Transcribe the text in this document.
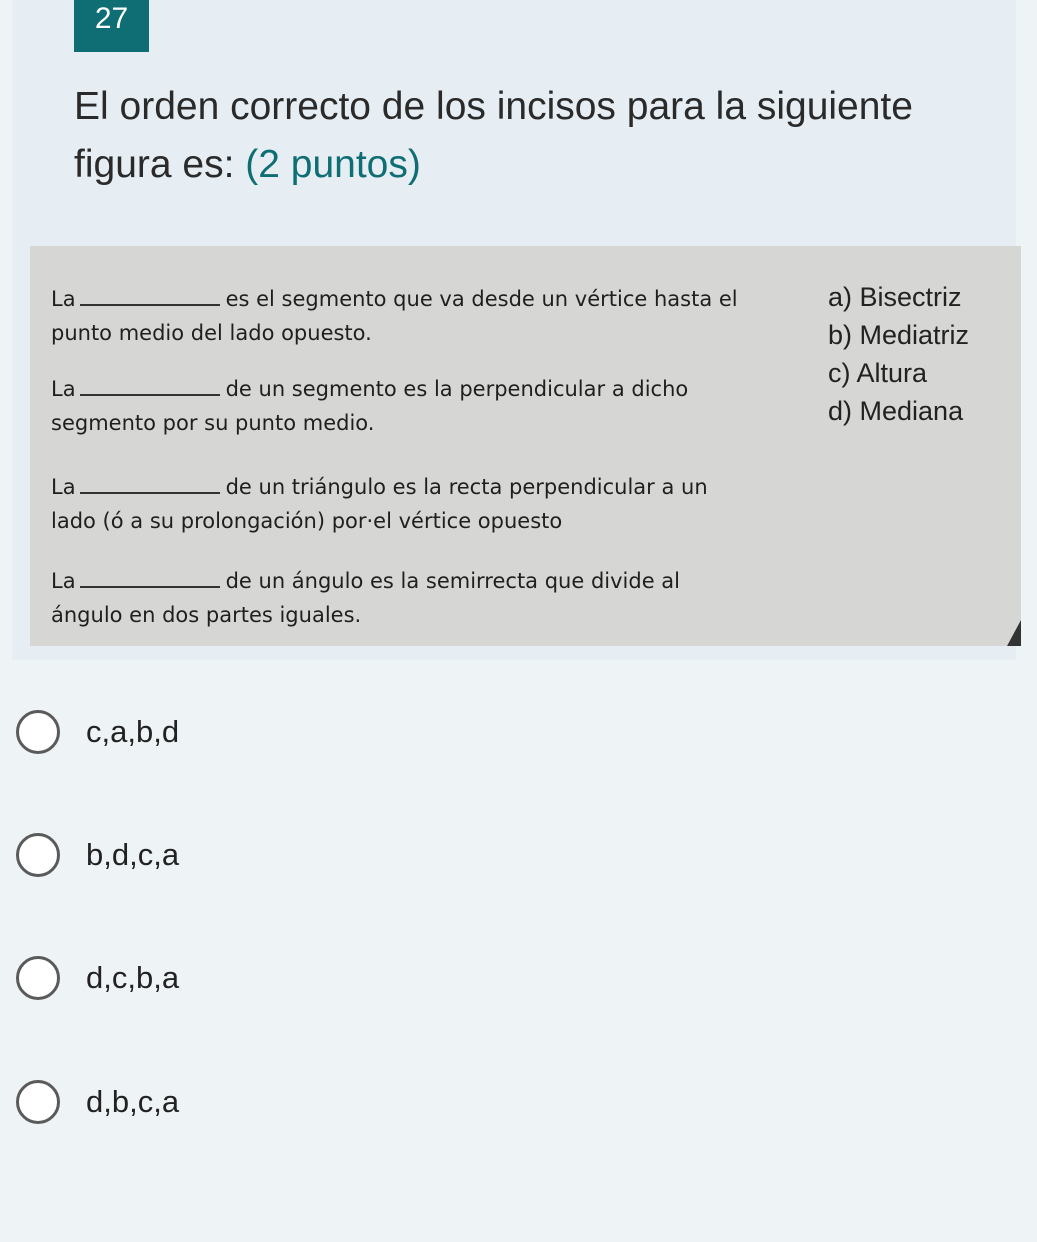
27
El orden correcto de los incisos para la siguiente figura es: (2 puntos)
La	es el segmento que va desde un vértice hasta el
punto medio del lado opuesto.
La	de un segmento es la perpendicular a dicho
segmento por su punto medio.
La	de un triángulo es la recta perpendicular a un
lado (ó a su prolongación) por·el vértice opuesto
La	de un ángulo es la semirrecta que divide al
ángulo en dos partes iguales.
a) Bisectriz
b) Mediatriz
c) Altura
d) Mediana
c,a,b,d
b,d,c,a
d,c,b,a
d,b,c,a
